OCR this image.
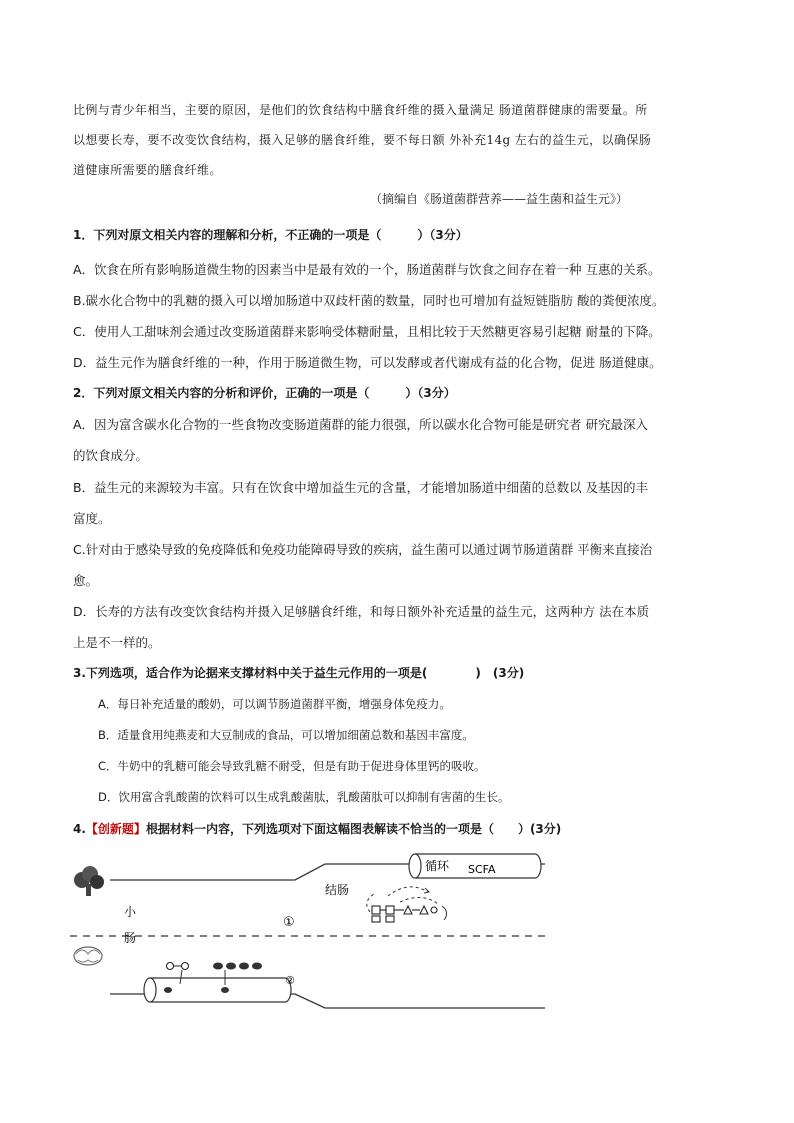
比例与青少年相当，主要的原因，是他们的饮食结构中膳食纤维的摄入量满足 肠道菌群健康的需要量。所
以想要长寿，要不改变饮食结构，摄入足够的膳食纤维，要不每日额 外补充14g 左右的益生元，以确保肠
道健康所需要的膳食纤维。
（摘编自《肠道菌群营养——益生菌和益生元》）
1．下列对原文相关内容的理解和分析，不正确的一项是（　　　）（3分）
A．饮食在所有影响肠道微生物的因素当中是最有效的一个，肠道菌群与饮食之间存在着一种 互惠的关系。
B.碳水化合物中的乳糖的摄入可以增加肠道中双歧杆菌的数量，同时也可增加有益短链脂肪 酸的粪便浓度。
C．使用人工甜味剂会通过改变肠道菌群来影响受体糖耐量，且相比较于天然糖更容易引起糖 耐量的下降。
D．益生元作为膳食纤维的一种，作用于肠道微生物，可以发酵或者代谢成有益的化合物，促进 肠道健康。
2．下列对原文相关内容的分析和评价，正确的一项是（　　　）（3分）
A．因为富含碳水化合物的一些食物改变肠道菌群的能力很强，所以碳水化合物可能是研究者 研究最深入
的饮食成分。
B．益生元的来源较为丰富。只有在饮食中增加益生元的含量，才能增加肠道中细菌的总数以 及基因的丰
富度。
C.针对由于感染导致的免疫降低和免疫功能障碍导致的疾病，益生菌可以通过调节肠道菌群 平衡来直接治
愈。
D．长寿的方法有改变饮食结构并摄入足够膳食纤维，和每日额外补充适量的益生元，这两种方 法在本质
上是不一样的。
3.下列选项，适合作为论据来支撑材料中关于益生元作用的一项是(　　　　)　(3分)
A．每日补充适量的酸奶，可以调节肠道菌群平衡，增强身体免疫力。
B．适量食用纯燕麦和大豆制成的食品，可以增加细菌总数和基因丰富度。
C．牛奶中的乳糖可能会导致乳糖不耐受，但是有助于促进身体里钙的吸收。
D．饮用富含乳酸菌的饮料可以生成乳酸菌肽，乳酸菌肽可以抑制有害菌的生长。
4.【创新题】根据材料一内容，下列选项对下面这幅图表解读不恰当的一项是（　　）(3分)
循环 SCFA
结肠
小
肠
①
②
